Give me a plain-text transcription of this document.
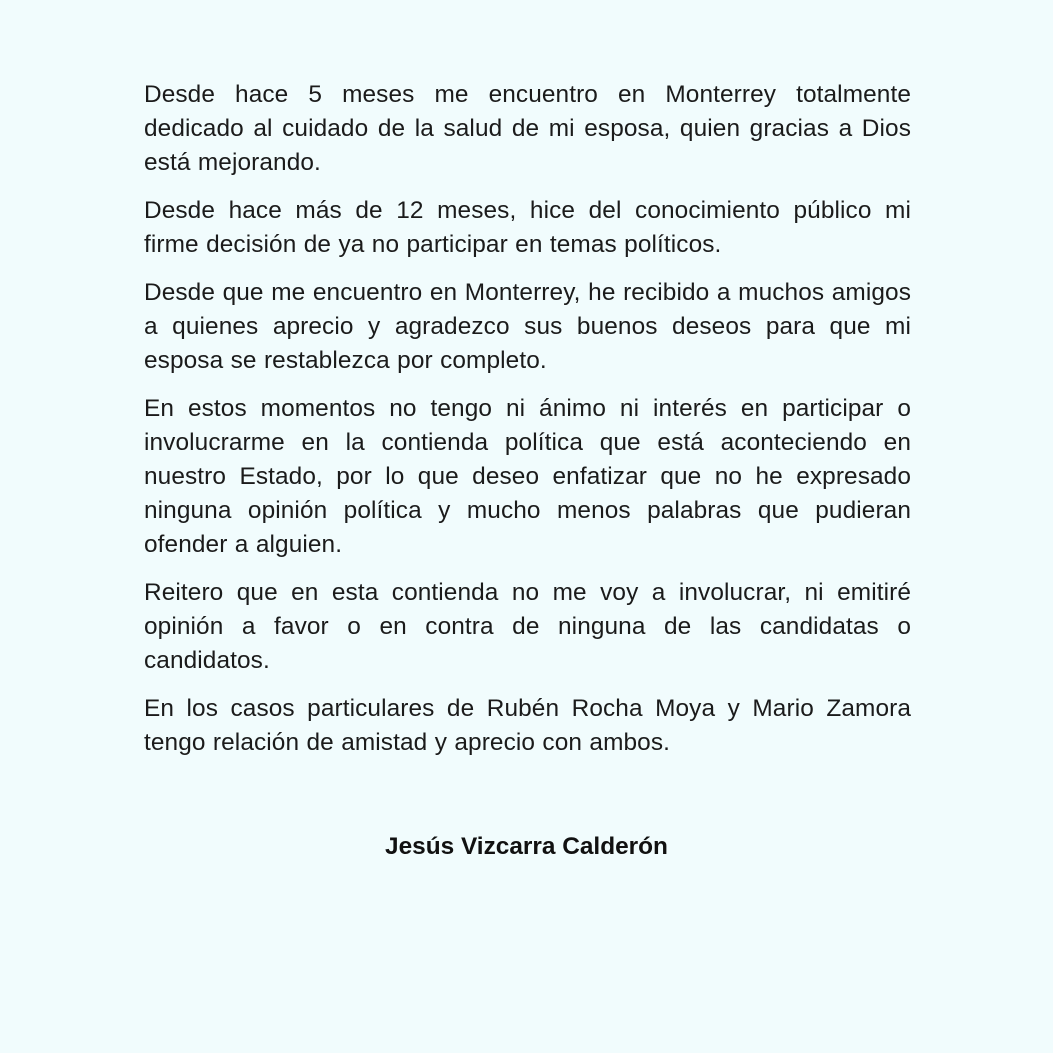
Desde hace 5 meses me encuentro en Monterrey totalmente dedicado al cuidado de la salud de mi esposa, quien gracias a Dios está mejorando.

Desde hace más de 12 meses, hice del conocimiento público mi firme decisión de ya no participar en temas políticos.

Desde que me encuentro en Monterrey, he recibido a muchos amigos a quienes aprecio y agradezco sus buenos deseos para que mi esposa se restablezca por completo.

En estos momentos no tengo ni ánimo ni interés en participar o involucrarme en la contienda política que está aconteciendo en nuestro Estado, por lo que deseo enfatizar que no he expresado ninguna opinión política y mucho menos palabras que pudieran ofender a alguien.

Reitero que en esta contienda no me voy a involucrar, ni emitiré opinión a favor o en contra de ninguna de las candidatas o candidatos.

En los casos particulares de Rubén Rocha Moya y Mario Zamora tengo relación de amistad y aprecio con ambos.

Jesús Vizcarra Calderón
